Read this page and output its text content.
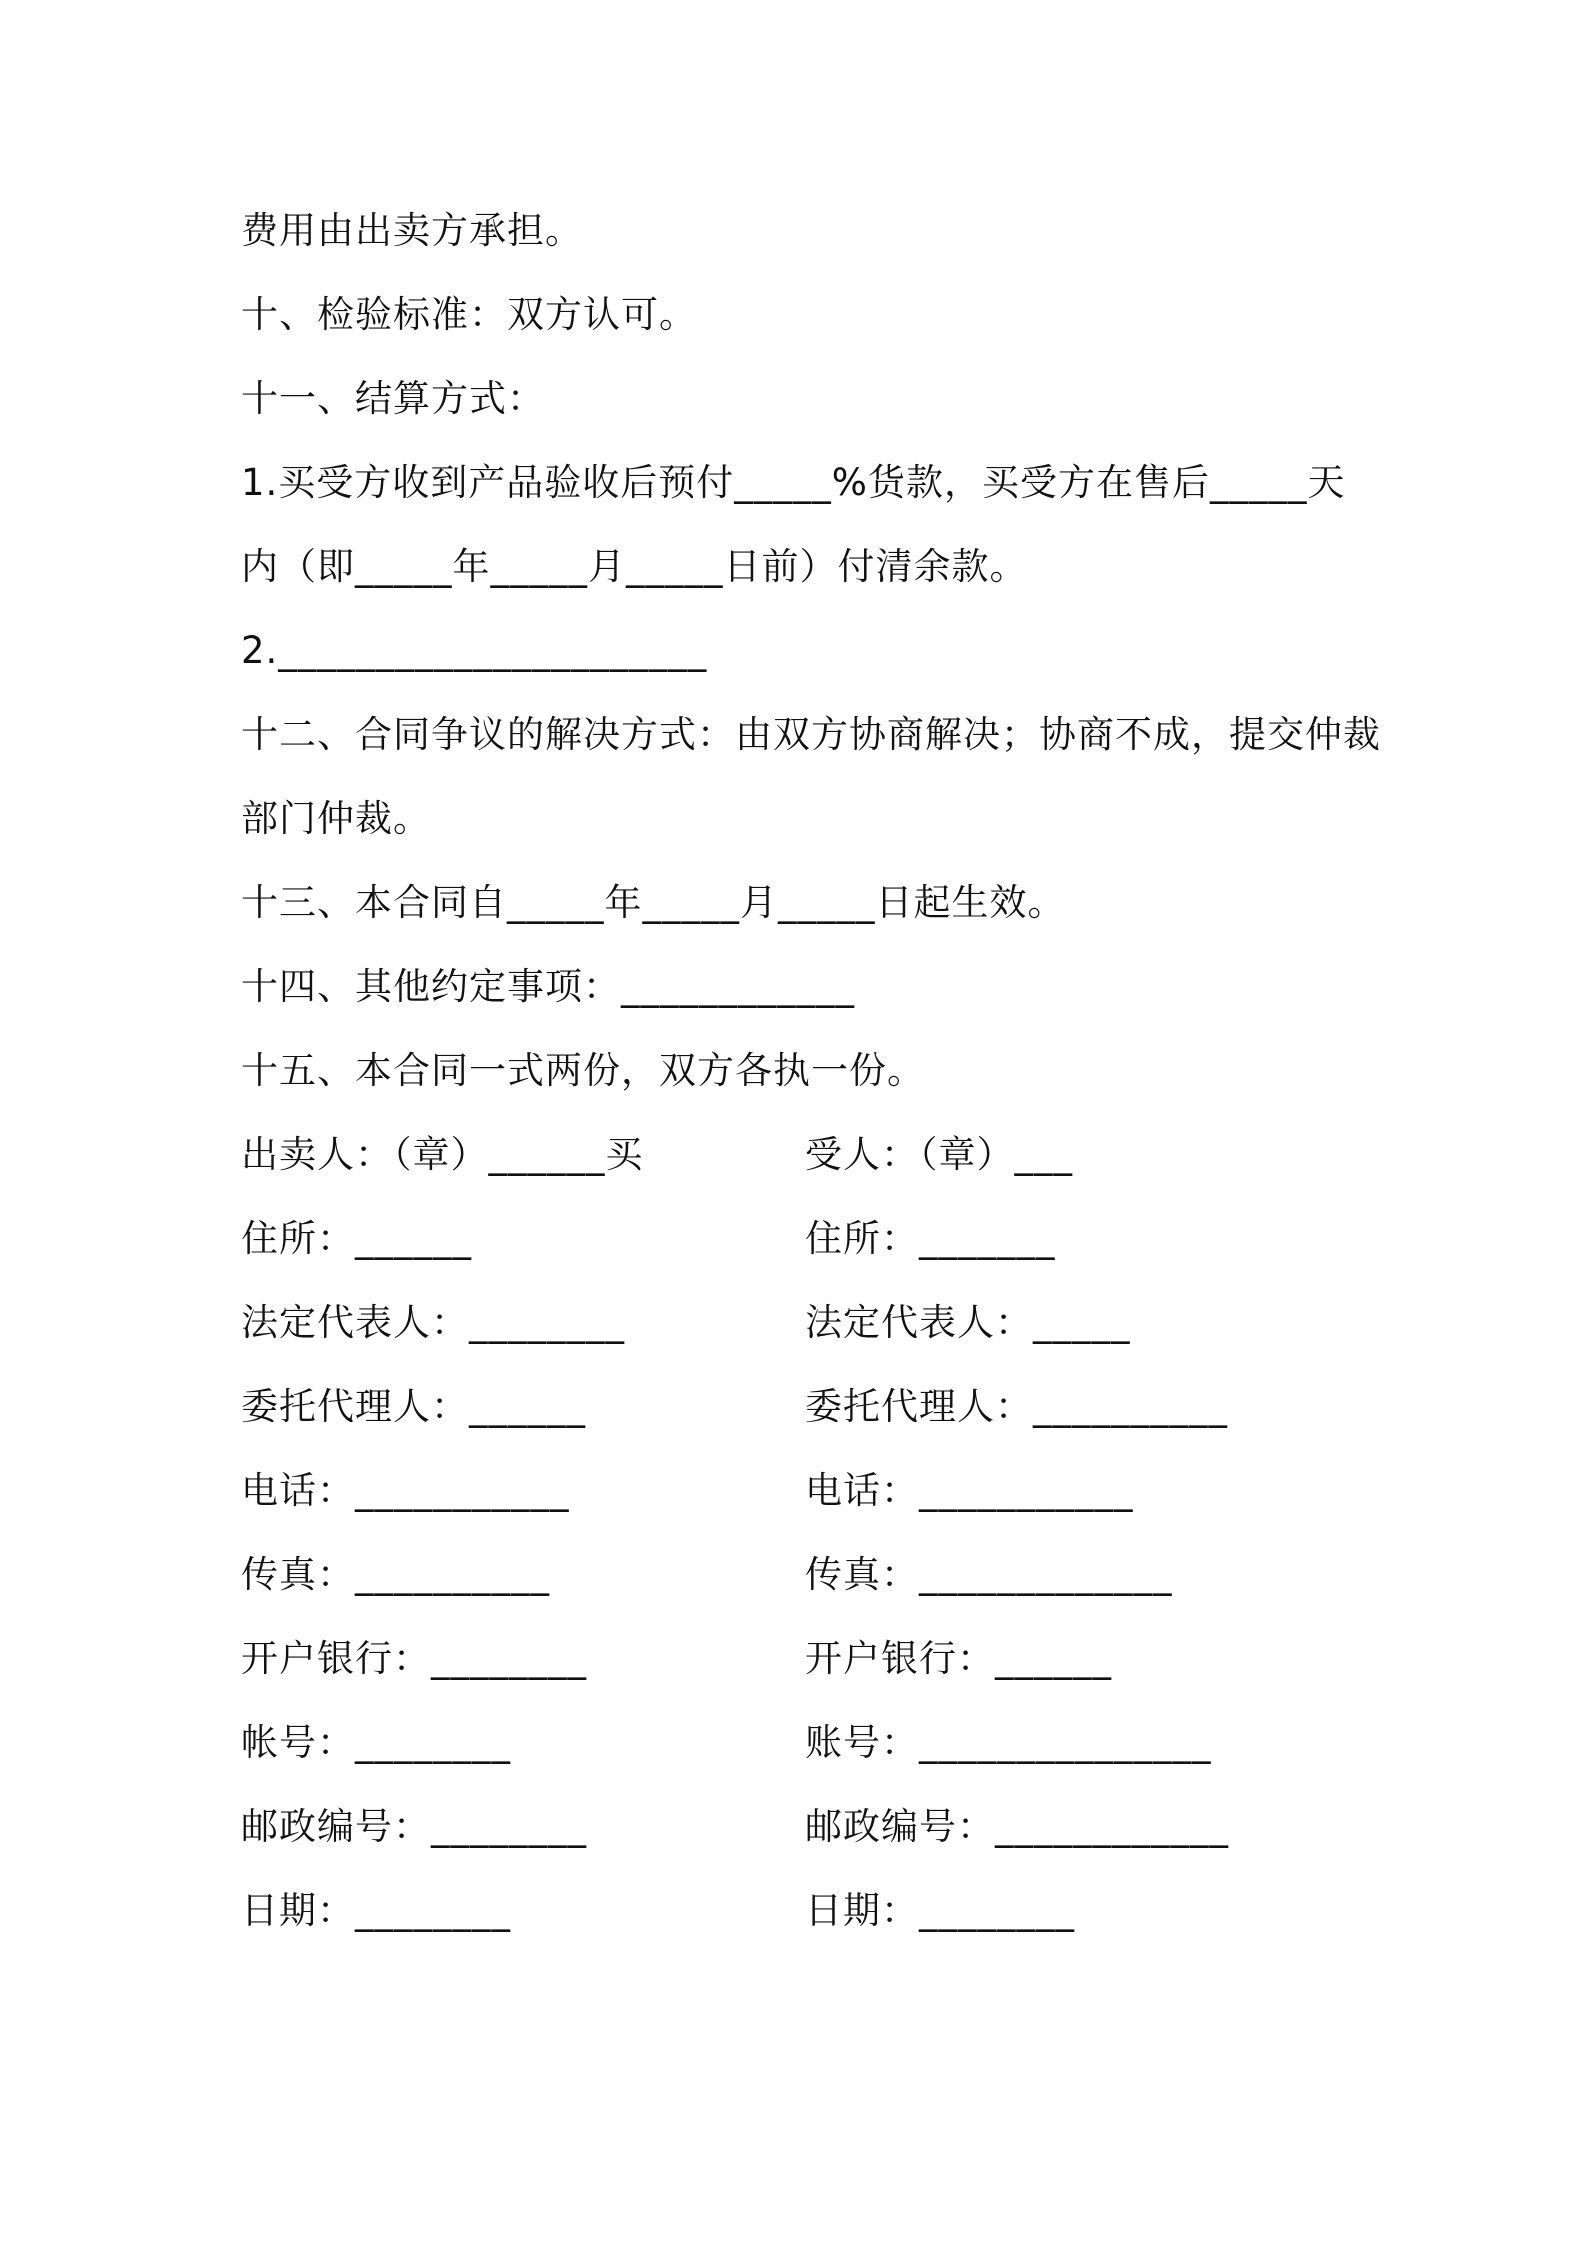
费用由出卖方承担。
十、检验标准：双方认可。
十一、结算方式：
1.买受方收到产品验收后预付_____%货款，买受方在售后_____天
内（即_____年_____月_____日前）付清余款。
2.______________________
十二、合同争议的解决方式：由双方协商解决；协商不成，提交仲裁
部门仲裁。
十三、本合同自_____年_____月_____日起生效。
十四、其他约定事项：____________
十五、本合同一式两份，双方各执一份。
出卖人：（章）______买	受人：（章）___
住所：______	住所：_______
法定代表人：________	法定代表人：_____
委托代理人：______	委托代理人：__________
电话：___________	电话：___________
传真：__________	传真：_____________
开户银行：________	开户银行：______
帐号：________	账号：_______________
邮政编号：________	邮政编号：____________
日期：________	日期：________
